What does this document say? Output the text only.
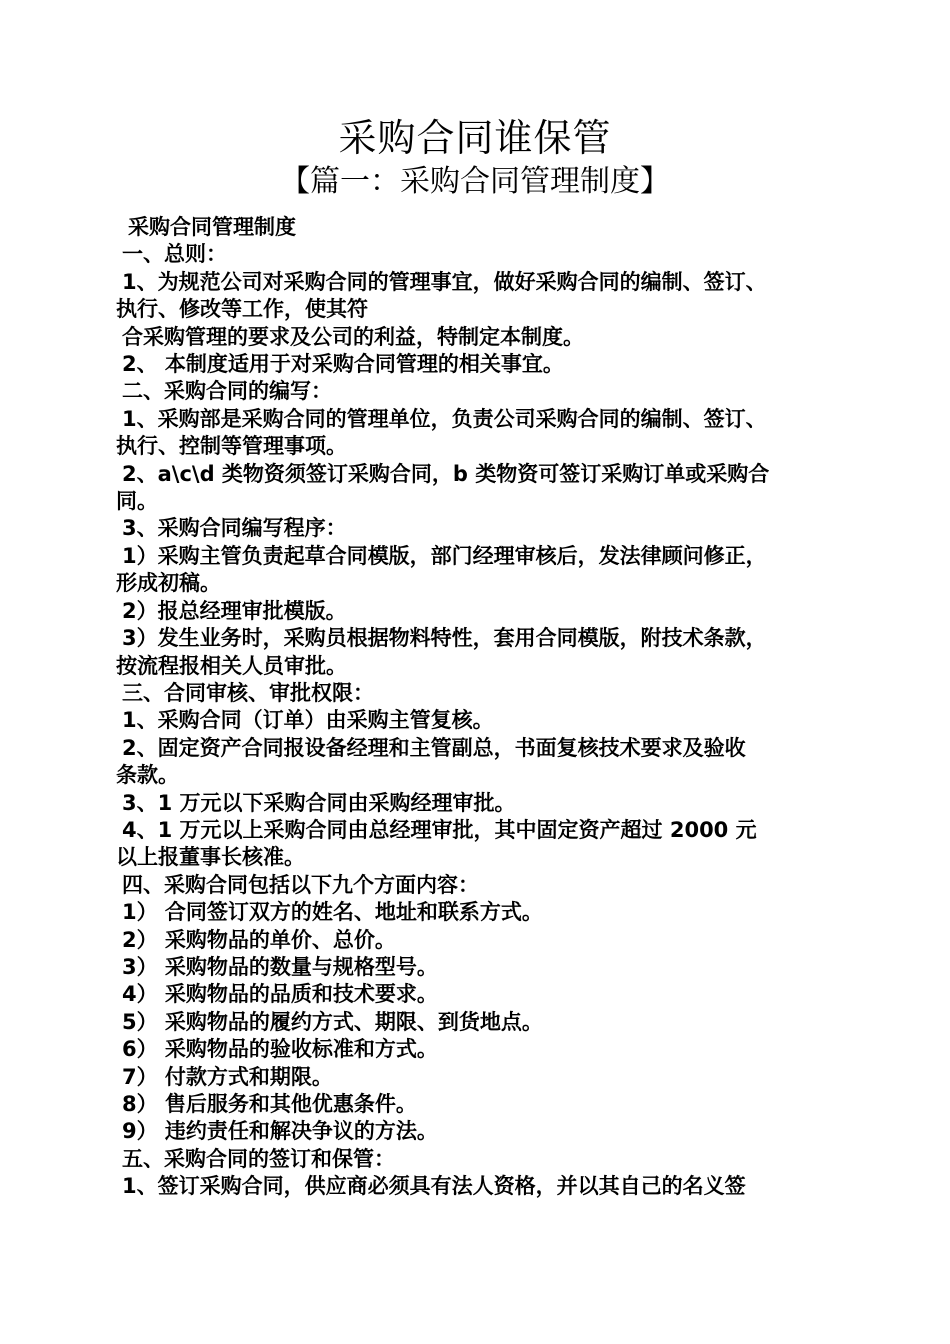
采购合同谁保管
【篇一：采购合同管理制度】

采购合同管理制度

一、总则：

1、为规范公司对采购合同的管理事宜，做好采购合同的编制、签订、

执行、修改等工作，使其符

合采购管理的要求及公司的利益，特制定本制度。

2、 本制度适用于对采购合同管理的相关事宜。

二、采购合同的编写：

1、采购部是采购合同的管理单位，负责公司采购合同的编制、签订、

执行、控制等管理事项。

2、a\c\d 类物资须签订采购合同，b 类物资可签订采购订单或采购合

同。

3、采购合同编写程序：

1）采购主管负责起草合同模版，部门经理审核后，发法律顾问修正，

形成初稿。

2）报总经理审批模版。

3）发生业务时，采购员根据物料特性，套用合同模版，附技术条款，

按流程报相关人员审批。

三、合同审核、审批权限：

1、采购合同（订单）由采购主管复核。

2、固定资产合同报设备经理和主管副总，书面复核技术要求及验收

条款。

3、1 万元以下采购合同由采购经理审批。

4、1 万元以上采购合同由总经理审批，其中固定资产超过 2000 元

以上报董事长核准。

四、采购合同包括以下九个方面内容：

1） 合同签订双方的姓名、地址和联系方式。

2） 采购物品的单价、总价。

3） 采购物品的数量与规格型号。

4） 采购物品的品质和技术要求。

5） 采购物品的履约方式、期限、到货地点。

6） 采购物品的验收标准和方式。

7） 付款方式和期限。

8） 售后服务和其他优惠条件。

9） 违约责任和解决争议的方法。

五、采购合同的签订和保管：

1、签订采购合同，供应商必须具有法人资格，并以其自己的名义签
